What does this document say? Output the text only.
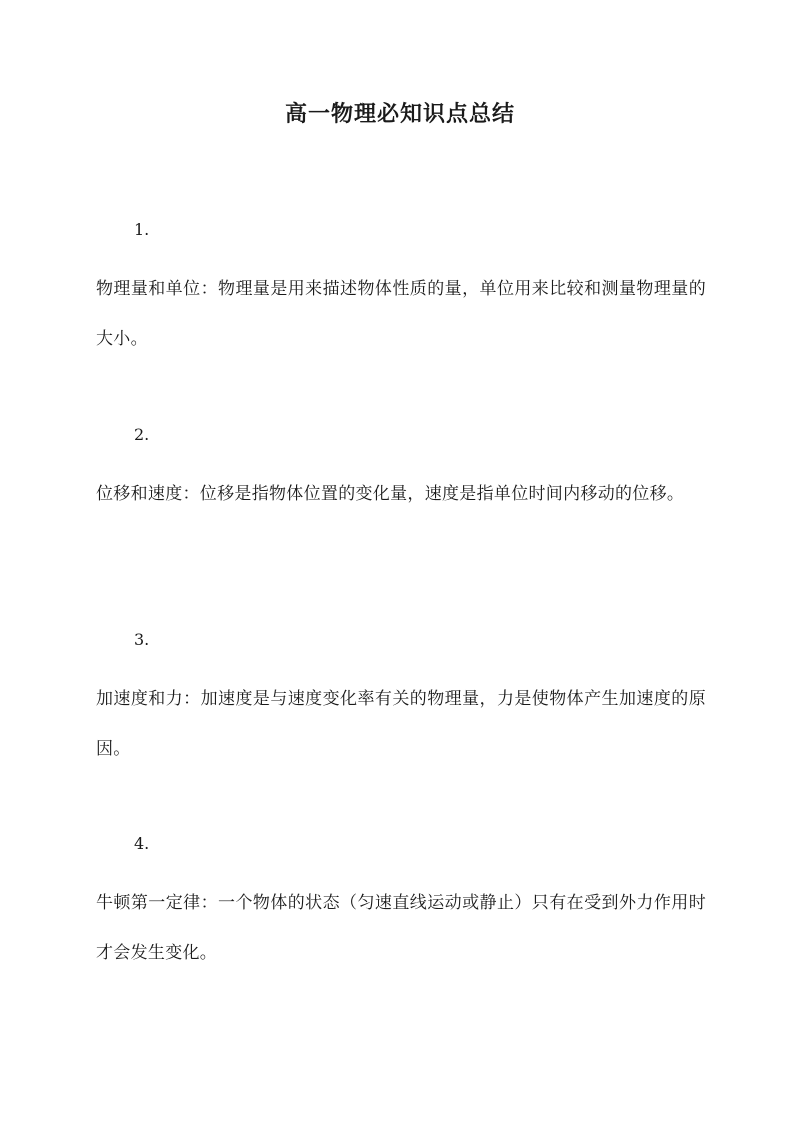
高一物理必知识点总结
1.
物理量和单位：物理量是用来描述物体性质的量，单位用来比较和测量物理量的大小。
2.
位移和速度：位移是指物体位置的变化量，速度是指单位时间内移动的位移。
3.
加速度和力：加速度是与速度变化率有关的物理量，力是使物体产生加速度的原因。
4.
牛顿第一定律：一个物体的状态（匀速直线运动或静止）只有在受到外力作用时才会发生变化。
